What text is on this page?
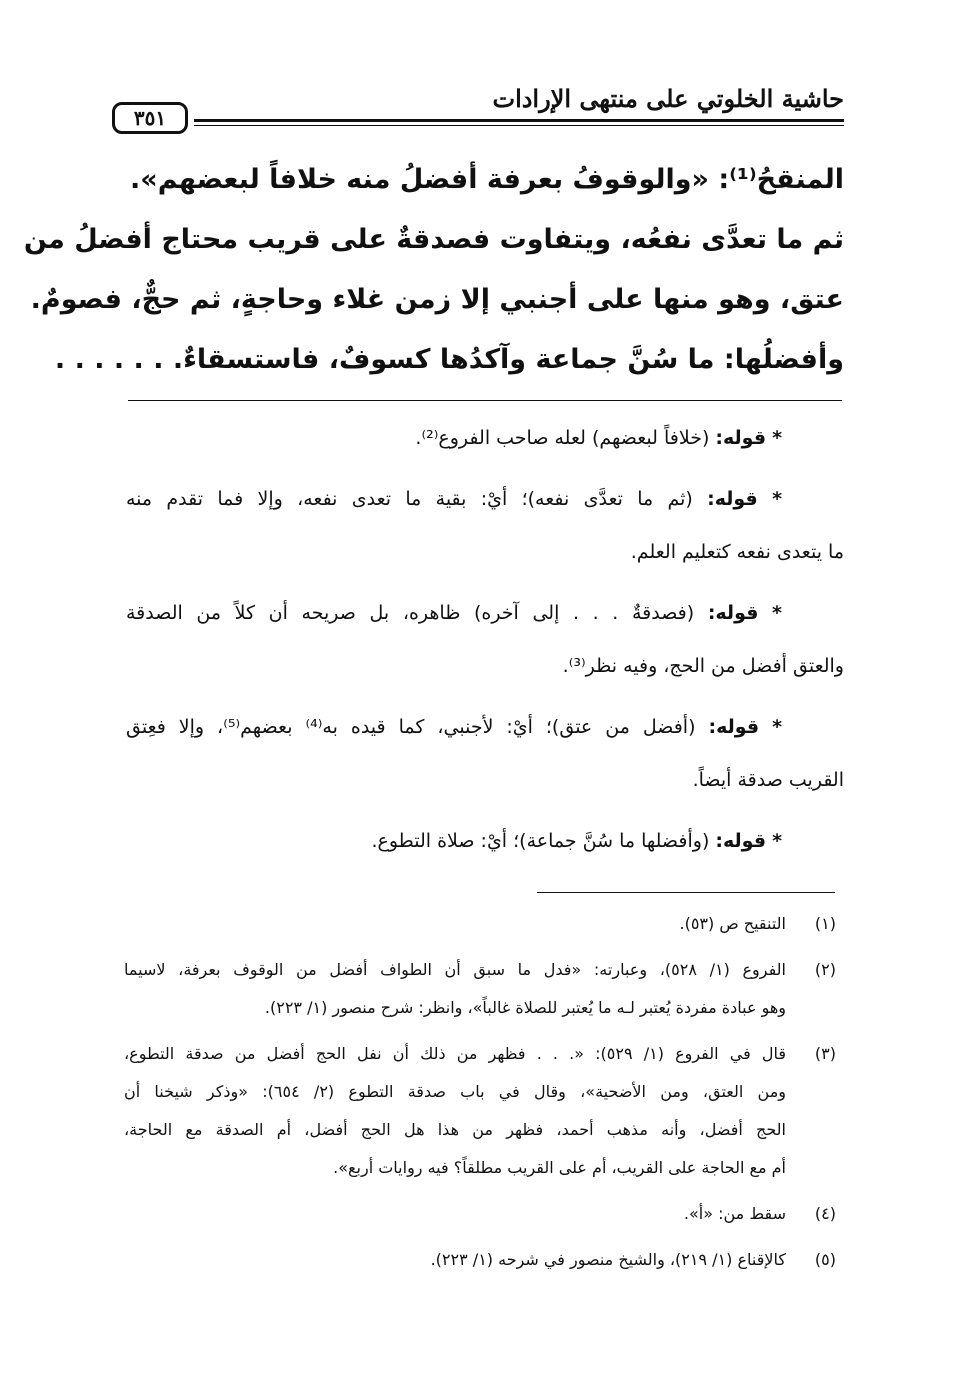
حاشية الخلوتي على منتهى الإرادات
٣٥١
المنقحُ⁽¹⁾: «والوقوفُ بعرفة أفضلُ منه خلافاً لبعضهم».
ثم ما تعدَّى نفعُه، ويتفاوت فصدقةٌ على قريب محتاج أفضلُ من
عتق، وهو منها على أجنبي إلا زمن غلاء وحاجةٍ، ثم حجٌّ، فصومٌ.
وأفضلُها: ما سُنَّ جماعة وآكدُها كسوفٌ، فاستسقاءٌ. . . . . . .
* قوله: (خلافاً لبعضهم) لعله صاحب الفروع⁽²⁾.
* قوله: (ثم ما تعدَّى نفعه)؛ أيْ: بقية ما تعدى نفعه، وإلا فما تقدم منه
ما يتعدى نفعه كتعليم العلم.
* قوله: (فصدقةٌ . . . إلى آخره) ظاهره، بل صريحه أن كلاً من الصدقة
والعتق أفضل من الحج، وفيه نظر⁽³⁾.
* قوله: (أفضل من عتق)؛ أيْ: لأجنبي، كما قيده به⁽⁴⁾ بعضهم⁽⁵⁾، وإلا فعِتق
القريب صدقة أيضاً.
* قوله: (وأفضلها ما سُنَّ جماعة)؛ أيْ: صلاة التطوع.
(١)
التنقيح ص (٥٣).
(٢)
الفروع (١/ ٥٢٨)، وعبارته: «فدل ما سبق أن الطواف أفضل من الوقوف بعرفة، لاسيما
وهو عبادة مفردة يُعتبر لـه ما يُعتبر للصلاة غالباً»، وانظر: شرح منصور (١/ ٢٢٣).
(٣)
قال في الفروع (١/ ٥٢٩): «. . . فظهر من ذلك أن نفل الحج أفضل من صدقة التطوع،
ومن العتق، ومن الأضحية»، وقال في باب صدقة التطوع (٢/ ٦٥٤): «وذكر شيخنا أن
الحج أفضل، وأنه مذهب أحمد، فظهر من هذا هل الحج أفضل، أم الصدقة مع الحاجة،
أم مع الحاجة على القريب، أم على القريب مطلقاً؟ فيه روايات أربع».
(٤)
سقط من: «أ».
(٥)
كالإقناع (١/ ٢١٩)، والشيخ منصور في شرحه (١/ ٢٢٣).
